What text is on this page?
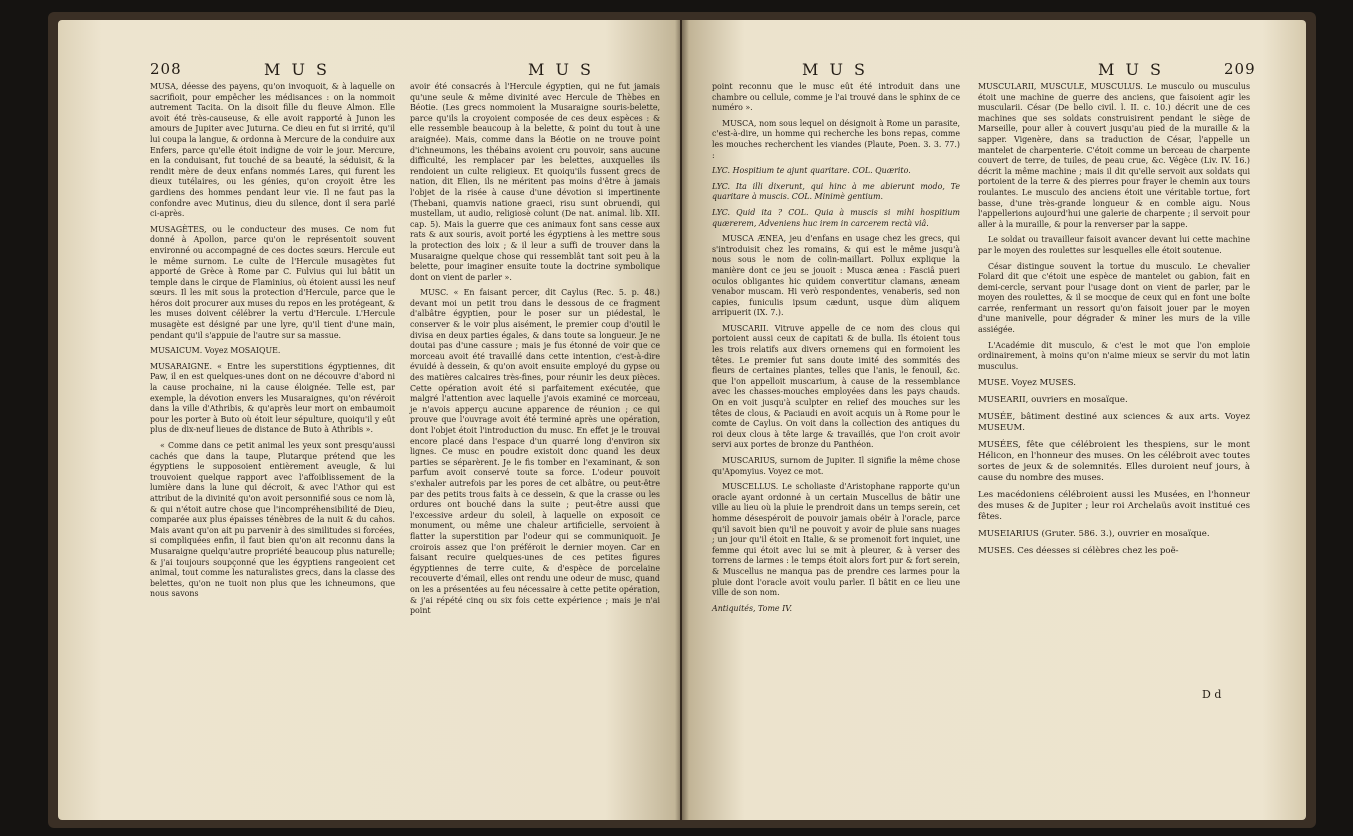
208	M U S	M U S

MUSA, déesse des payens, qu'on invoquoit, & à laquelle on sacrifioit, pour empêcher les médisances : on la nommoit autrement Tacita. On la disoit fille du fleuve Almon. Elle avoit été très-causeuse, & elle avoit rapporté à Junon les amours de Jupiter avec Juturna. Ce dieu en fut si irrité, qu'il lui coupa la langue, & ordonna à Mercure de la conduire aux Enfers, parce qu'elle étoit indigne de voir le jour. Mercure, en la conduisant, fut touché de sa beauté, la séduisit, & la rendit mère de deux enfans nommés Lares, qui furent les dieux tutélaires, ou les génies, qu'on croyoit être les gardiens des hommes pendant leur vie. Il ne faut pas la confondre avec Mutinus, dieu du silence, dont il sera parlé ci-après.

MUSAGÈTES, ou le conducteur des muses. Ce nom fut donné à Apollon, parce qu'on le représentoit souvent environné ou accompagné de ces doctes sœurs. Hercule eut le même surnom. Le culte de l'Hercule musagètes fut apporté de Grèce à Rome par C. Fulvius qui lui bâtit un temple dans le cirque de Flaminius, où étoient aussi les neuf sœurs. Il les mit sous la protection d'Hercule, parce que le héros doit procurer aux muses du repos en les protégeant, & les muses doivent célébrer la vertu d'Hercule. L'Hercule musagète est désigné par une lyre, qu'il tient d'une main, pendant qu'il s'appuie de l'autre sur sa massue.

MUSAICUM. Voyez MOSAIQUE.

MUSARAIGNE. « Entre les superstitions égyptiennes, dit Paw, il en est quelques-unes dont on ne découvre d'abord ni la cause prochaine, ni la cause éloignée. Telle est, par exemple, la dévotion envers les Musaraignes, qu'on révéroit dans la ville d'Athribis, & qu'après leur mort on embaumoit pour les porter à Buto où étoit leur sépulture, quoiqu'il y eût plus de dix-neuf lieues de distance de Buto à Athribis ».

« Comme dans ce petit animal les yeux sont presqu'aussi cachés que dans la taupe, Plutarque prétend que les égyptiens le supposoient entièrement aveugle, & lui trouvoient quelque rapport avec l'affoiblissement de la lumière dans la lune qui décroit, & avec l'Athor qui est attribut de la divinité qu'on avoit personnifié sous ce nom là, & qui n'étoit autre chose que l'incompréhensibilité de Dieu, comparée aux plus épaisses ténèbres de la nuit & du cahos. Mais avant qu'on ait pu parvenir à des similitudes si forcées, si compliquées enfin, il faut bien qu'on ait reconnu dans la Musaraigne quelqu'autre propriété beaucoup plus naturelle; & j'ai toujours soupçonné que les égyptiens rangeoient cet animal, tout comme les naturalistes grecs, dans la classe des belettes, qu'on ne tuoit non plus que les ichneumons, que nous savons

avoir été consacrés à l'Hercule égyptien, qui ne fut jamais qu'une seule & même divinité avec Hercule de Thèbes en Béotie. (Les grecs nommoient la Musaraigne souris-belette, parce qu'ils la croyoient composée de ces deux espèces : & elle ressemble beaucoup à la belette, & point du tout à une araignée). Mais, comme dans la Béotie on ne trouve point d'ichneumons, les thébains avoient cru pouvoir, sans aucune difficulté, les remplacer par les belettes, auxquelles ils rendoient un culte religieux. Et quoiqu'ils fussent grecs de nation, dit Elien, ils ne méritent pas moins d'être à jamais l'objet de la risée à cause d'une dévotion si impertinente (Thebani, quamvis natione graeci, risu sunt obruendi, qui mustellam, ut audio, religiosè colunt (De nat. animal. lib. XII. cap. 5). Mais la guerre que ces animaux font sans cesse aux rats & aux souris, avoit porté les égyptiens à les mettre sous la protection des loix ; & il leur a suffi de trouver dans la Musaraigne quelque chose qui ressemblât tant soit peu à la belette, pour imaginer ensuite toute la doctrine symbolique dont on vient de parler ».

MUSC. « En faisant percer, dit Caylus (Rec. 5. p. 48.) devant moi un petit trou dans le dessous de ce fragment d'albâtre égyptien, pour le poser sur un piédestal, le conserver & le voir plus aisément, le premier coup d'outil le divisa en deux parties égales, & dans toute sa longueur. Je ne doutai pas d'une cassure ; mais je fus étonné de voir que ce morceau avoit été travaillé dans cette intention, c'est-à-dire évuidé à dessein, & qu'on avoit ensuite employé du gypse ou des matières calcaires très-fines, pour réunir les deux pièces. Cette opération avoit été si parfaitement exécutée, que malgré l'attention avec laquelle j'avois examiné ce morceau, je n'avois apperçu aucune apparence de réunion ; ce qui prouve que l'ouvrage avoit été terminé après une opération, dont l'objet étoit l'introduction du musc. En effet je le trouvai encore placé dans l'espace d'un quarré long d'environ six lignes. Ce musc en poudre existoit donc quand les deux parties se séparèrent. Je le fis tomber en l'examinant, & son parfum avoit conservé toute sa force. L'odeur pouvoit s'exhaler autrefois par les pores de cet albâtre, ou peut-être par des petits trous faits à ce dessein, & que la crasse ou les ordures ont bouché dans la suite ; peut-être aussi que l'excessive ardeur du soleil, à laquelle on exposoit ce monument, ou même une chaleur artificielle, servoient à flatter la superstition par l'odeur qui se communiquoit. Je croirois assez que l'on préféroit le dernier moyen. Car en faisant recuire quelques-unes de ces petites figures égyptiennes de terre cuite, & d'espèce de porcelaine recouverte d'émail, elles ont rendu une odeur de musc, quand on les a présentées au feu nécessaire à cette petite opération, & j'ai répété cinq ou six fois cette expérience ; mais je n'ai point

M U S	M U S	209

point reconnu que le musc eût été introduit dans une chambre ou cellule, comme je l'ai trouvé dans le sphinx de ce numéro ».

MUSCA, nom sous lequel on désignoit à Rome un parasite, c'est-à-dire, un homme qui recherche les bons repas, comme les mouches recherchent les viandes (Plaute, Poen. 3. 3. 77.) :

LYC. Hospitium te ajunt quaritare. COL. Quærito.

LYC. Ita illi dixerunt, qui hinc à me abierunt modo, Te quaritare à muscis. COL. Minimè gentium.

LYC. Quid ita ? COL. Quia à muscis si mihi hospitium quærerem, Adveniens huc irem in carcerem rectà viâ.

MUSCA ÆNEA, jeu d'enfans en usage chez les grecs, qui s'introduisit chez les romains, & qui est le même jusqu'à nous sous le nom de colin-maillart. Pollux explique la manière dont ce jeu se jouoit : Musca ænea : Fasciâ pueri oculos obligantes hic quidem convertitur clamans, æneam venabor muscam. Hi verò respondentes, venaberis, sed non capies, funiculis ipsum cædunt, usque dùm aliquem arripuerit (IX. 7.).

MUSCARII. Vitruve appelle de ce nom des clous qui portoient aussi ceux de capitati & de bulla. Ils étoient tous les trois relatifs aux divers ornemens qui en formoient les têtes. Le premier fut sans doute imité des sommités des fleurs de certaines plantes, telles que l'anis, le fenouil, &c. que l'on appelloit muscarium, à cause de la ressemblance avec les chasses-mouches employées dans les pays chauds. On en voit jusqu'à sculpter en relief des mouches sur les têtes de clous, & Paciaudi en avoit acquis un à Rome pour le comte de Caylus. On voit dans la collection des antiques du roi deux clous à tête large & travaillés, que l'on croit avoir servi aux portes de bronze du Panthéon.

MUSCARIUS, surnom de Jupiter. Il signifie la même chose qu'Apomyius. Voyez ce mot.

MUSCELLUS. Le scholiaste d'Aristophane rapporte qu'un oracle ayant ordonné à un certain Muscellus de bâtir une ville au lieu où la pluie le prendroit dans un temps serein, cet homme désespéroit de pouvoir jamais obéir à l'oracle, parce qu'il savoit bien qu'il ne pouvoit y avoir de pluie sans nuages ; un jour qu'il étoit en Italie, & se promenoit fort inquiet, une femme qui étoit avec lui se mit à pleurer, & à verser des torrens de larmes : le temps étoit alors fort pur & fort serein, & Muscellus ne manqua pas de prendre ces larmes pour la pluie dont l'oracle avoit voulu parler. Il bâtit en ce lieu une ville de son nom.

Antiquités, Tome IV.

MUSCULARII, MUSCULE, MUSCULUS. Le musculo ou musculus étoit une machine de guerre des anciens, que faisoient agir les muscularii. César (De bello civil. l. II. c. 10.) décrit une de ces machines que ses soldats construisirent pendant le siège de Marseille, pour aller à couvert jusqu'au pied de la muraille & la sapper. Vigenère, dans sa traduction de César, l'appelle un mantelet de charpenterie. C'étoit comme un berceau de charpente couvert de terre, de tuiles, de peau crue, &c. Végèce (Liv. IV. 16.) décrit la même machine ; mais il dit qu'elle servoit aux soldats qui portoient de la terre & des pierres pour frayer le chemin aux tours roulantes. Le musculo des anciens étoit une véritable tortue, fort basse, d'une très-grande longueur & en comble aigu. Nous l'appellerions aujourd'hui une galerie de charpente ; il servoit pour aller à la muraille, & pour la renverser par la sappe.

Le soldat ou travailleur faisoit avancer devant lui cette machine par le moyen des roulettes sur lesquelles elle étoit soutenue.

César distingue souvent la tortue du musculo. Le chevalier Folard dit que c'étoit une espèce de mantelet ou gabion, fait en demi-cercle, servant pour l'usage dont on vient de parler, par le moyen des roulettes, & il se mocque de ceux qui en font une boîte carrée, renfermant un ressort qu'on faisoit jouer par le moyen d'une manivelle, pour dégrader & miner les murs de la ville assiégée.

L'Académie dit musculo, & c'est le mot que l'on emploie ordinairement, à moins qu'on n'aime mieux se servir du mot latin musculus.

MUSE. Voyez MUSES.

MUSEARII, ouvriers en mosaïque.

MUSÉE, bâtiment destiné aux sciences & aux arts. Voyez MUSEUM.

MUSÉES, fête que célébroient les thespiens, sur le mont Hélicon, en l'honneur des muses. On les célébroit avec toutes sortes de jeux & de solemnités. Elles duroient neuf jours, à cause du nombre des muses.

Les macédoniens célébroient aussi les Musées, en l'honneur des muses & de Jupiter ; leur roi Archelaüs avoit institué ces fêtes.

MUSEIARIUS (Gruter. 586. 3.), ouvrier en mosaïque.

MUSES. Ces déesses si célèbres chez les poë-

D d
